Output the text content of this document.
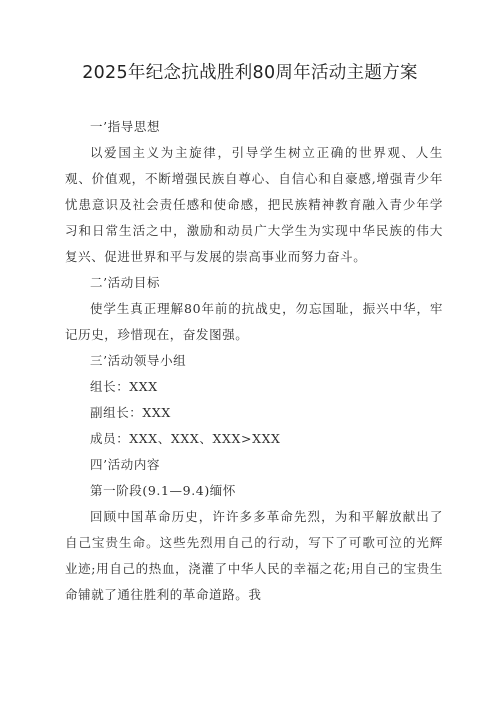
2025年纪念抗战胜利80周年活动主题方案

一’指导思想

以爱国主义为主旋律，引导学生树立正确的世界观、人生观、价值观，不断增强民族自尊心、自信心和自豪感,增强青少年忧患意识及社会责任感和使命感，把民族精神教育融入青少年学习和日常生活之中，激励和动员广大学生为实现中华民族的伟大复兴、促进世界和平与发展的崇高事业而努力奋斗。

二’活动目标

使学生真正理解80年前的抗战史，勿忘国耻，振兴中华，牢记历史，珍惜现在，奋发图强。

三’活动领导小组

组长：XXX

副组长：XXX

成员：XXX、XXX、XXX>XXX

四’活动内容

第一阶段(9.1—9.4)缅怀

回顾中国革命历史，许许多多革命先烈，为和平解放献出了自己宝贵生命。这些先烈用自己的行动，写下了可歌可泣的光辉业迹;用自己的热血，浇灌了中华人民的幸福之花;用自己的宝贵生命铺就了通往胜利的革命道路。我
